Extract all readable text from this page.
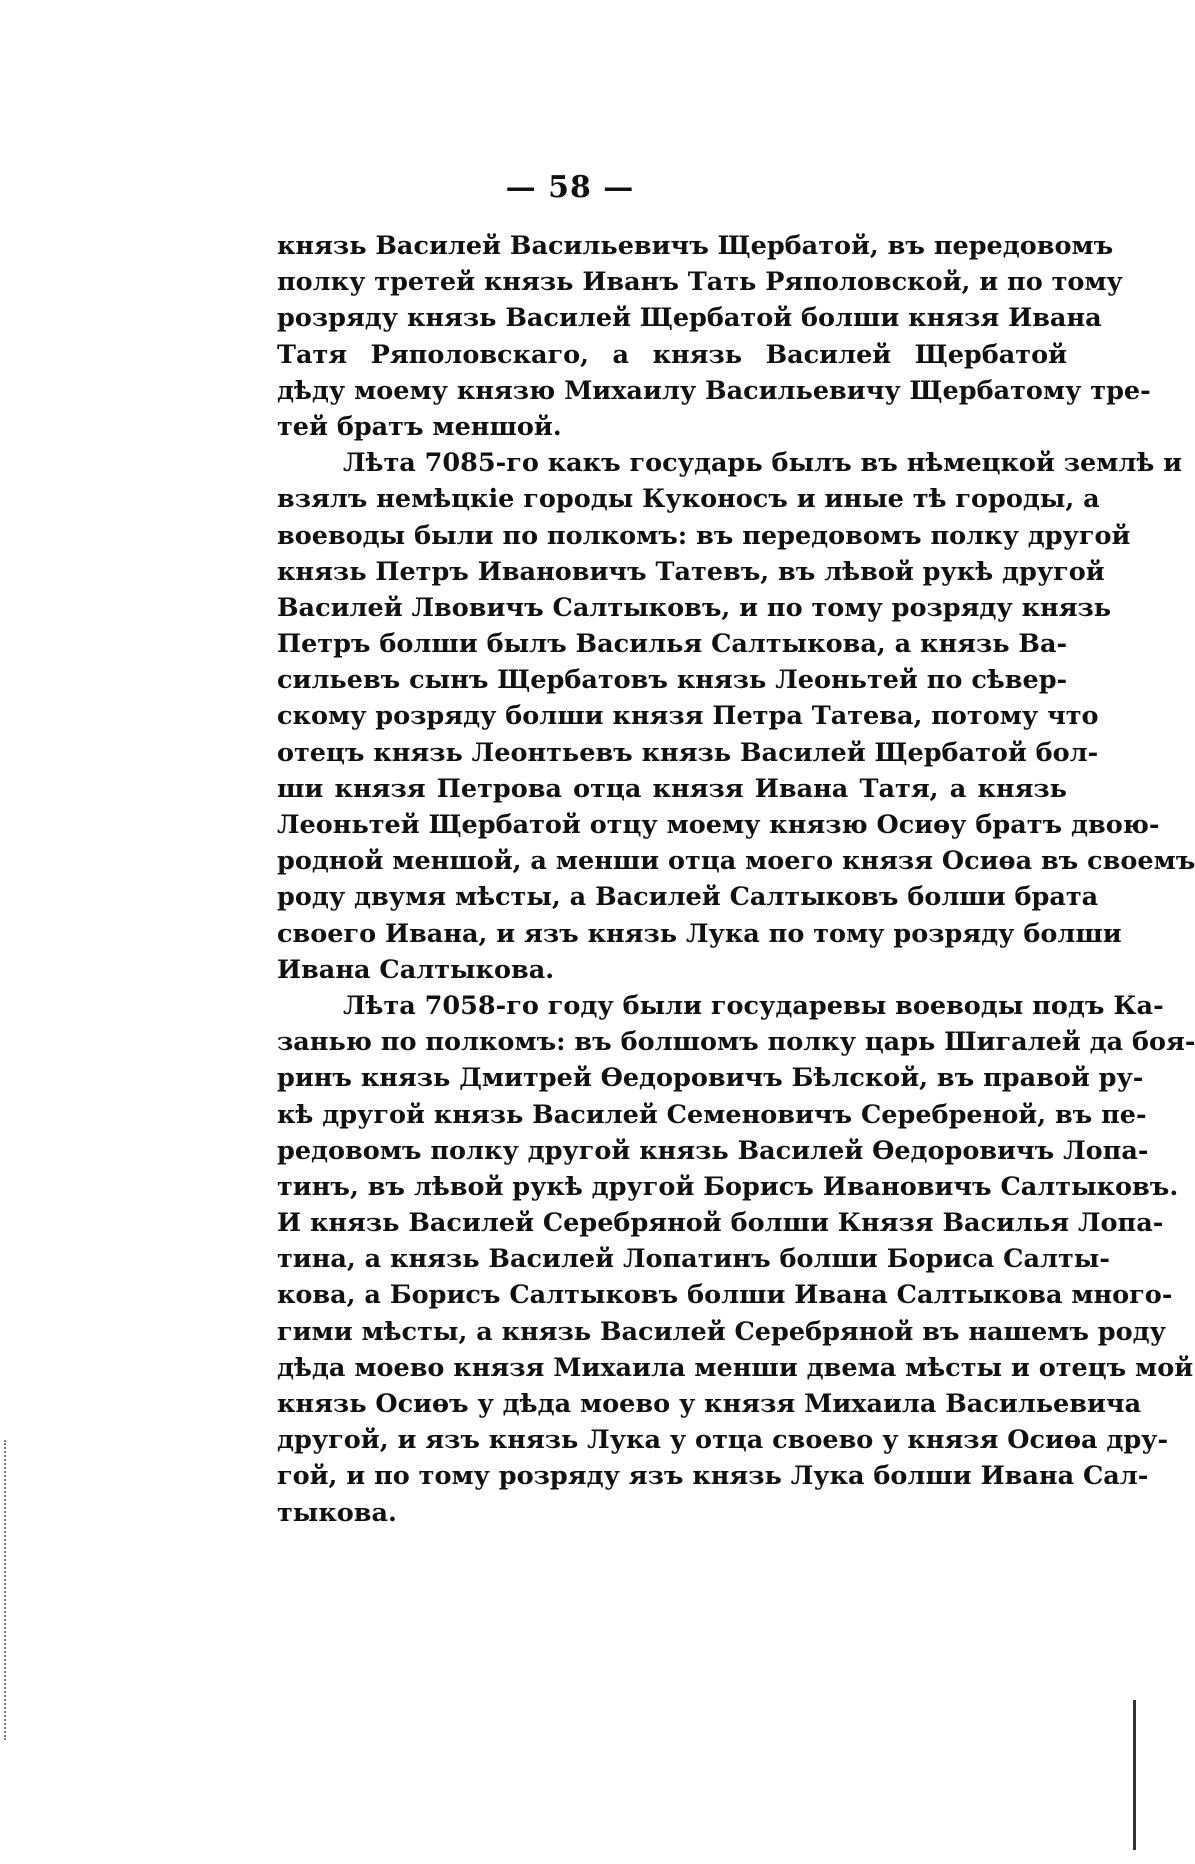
— 58 —
князь Василей Васильевичъ Щербатой, въ передовомъ
полку третей князь Иванъ Тать Ряполовской, и по тому
розряду князь Василей Щербатой болши князя Ивана
Татя Ряполовскаго, а князь Василей Щербатой
дѣду моему князю Михаилу Васильевичу Щербатому тре-
тей братъ меншой.
Лѣта 7085-го какъ государь былъ въ нѣмецкой землѣ и
взялъ немѣцкіе городы Куконосъ и иные тѣ городы, а
воеводы были по полкомъ: въ передовомъ полку другой
князь Петръ Ивановичъ Татевъ, въ лѣвой рукѣ другой
Василей Лвовичъ Салтыковъ, и по тому розряду князь
Петръ болши былъ Василья Салтыкова, а князь Ва-
сильевъ сынъ Щербатовъ князь Леоньтей по сѣвер-
скому розряду болши князя Петра Татева, потому что
отецъ князь Леонтьевъ князь Василей Щербатой бол-
ши князя Петрова отца князя Ивана Татя, а князь
Леоньтей Щербатой отцу моему князю Осиөу братъ двою-
родной меншой, а менши отца моего князя Осиөа въ своемъ
роду двумя мѣсты, а Василей Салтыковъ болши брата
своего Ивана, и язъ князь Лука по тому розряду болши
Ивана Салтыкова.
Лѣта 7058-го году были государевы воеводы подъ Ка-
занью по полкомъ: въ болшомъ полку царь Шигалей да боя-
ринъ князь Дмитрей Өедоровичъ Бѣлской, въ правой ру-
кѣ другой князь Василей Семеновичъ Серебреной, въ пе-
редовомъ полку другой князь Василей Өедоровичъ Лопа-
тинъ, въ лѣвой рукѣ другой Борисъ Ивановичъ Салтыковъ.
И князь Василей Серебряной болши Князя Василья Лопа-
тина, а князь Василей Лопатинъ болши Бориса Салты-
кова, а Борисъ Салтыковъ болши Ивана Салтыкова много-
гими мѣсты, а князь Василей Серебряной въ нашемъ роду
дѣда моево князя Михаила менши двема мѣсты и отецъ мой
князь Осиөъ у дѣда моево у князя Михаила Васильевича
другой, и язъ князь Лука у отца своево у князя Осиөа дру-
гой, и по тому розряду язъ князь Лука болши Ивана Сал-
тыкова.
